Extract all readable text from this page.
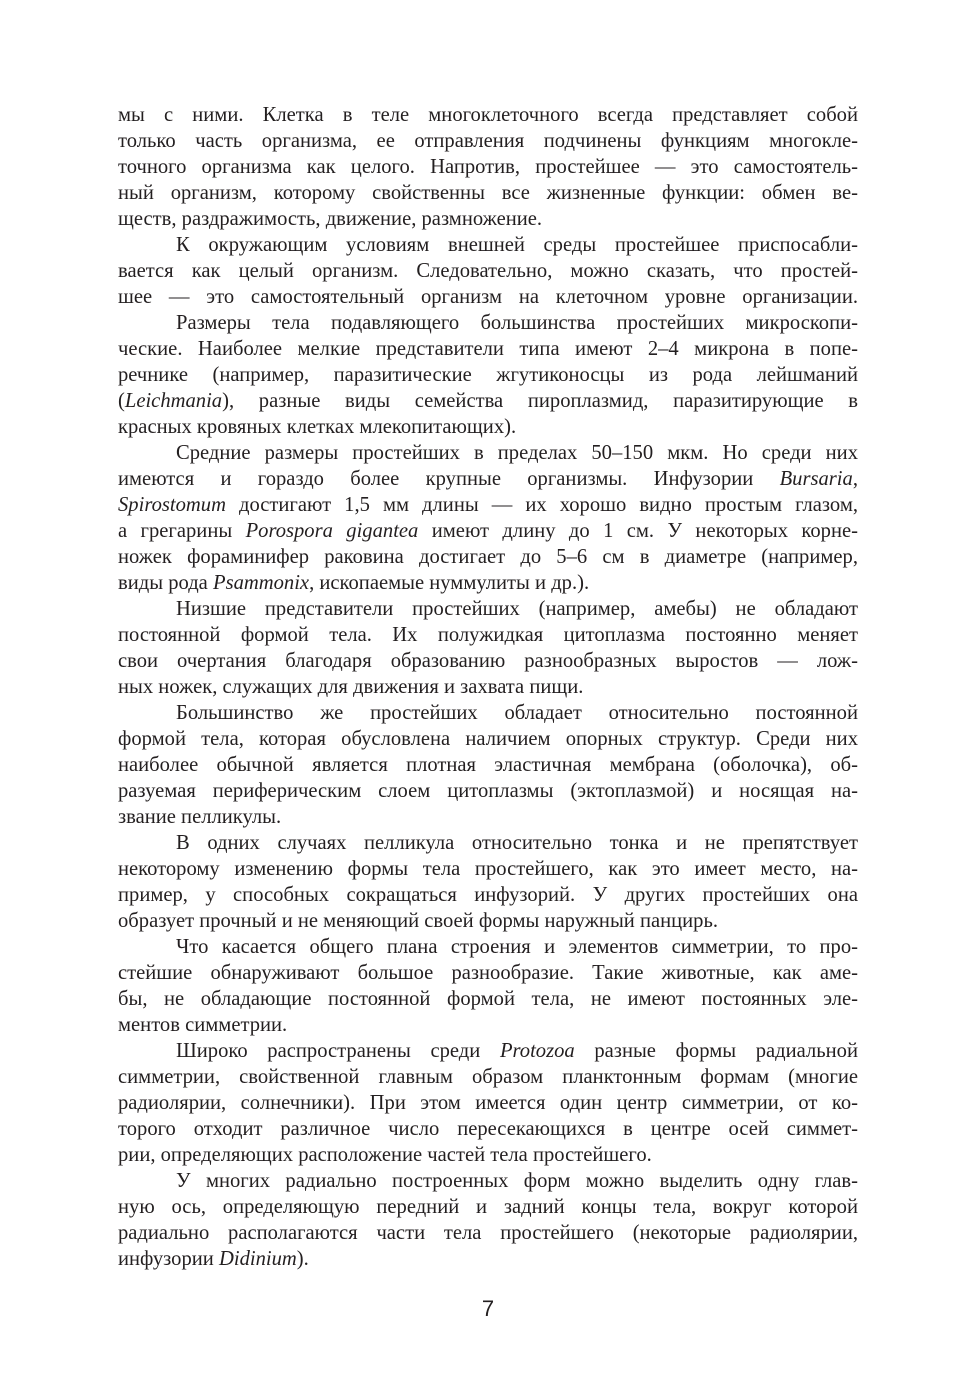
мы с ними. Клетка в теле многоклеточного всегда представляет собой
только часть организма, ее отправления подчинены функциям многокле-
точного организма как целого. Напротив, простейшее — это самостоятель-
ный организм, которому свойственны все жизненные функции: обмен ве-
ществ, раздражимость, движение, размножение.
К окружающим условиям внешней среды простейшее приспосабли-
вается как целый организм. Следовательно, можно сказать, что простей-
шее — это самостоятельный организм на клеточном уровне организации.
Размеры тела подавляющего большинства простейших микроскопи-
ческие. Наиболее мелкие представители типа имеют 2–4 микрона в попе-
речнике (например, паразитические жгутиконосцы из рода лейшманий
(Leichmania), разные виды семейства пироплазмид, паразитирующие в
красных кровяных клетках млекопитающих).
Средние размеры простейших в пределах 50–150 мкм. Но среди них
имеются и гораздо более крупные организмы. Инфузории Bursaria,
Spirostomum достигают 1,5 мм длины — их хорошо видно простым глазом,
а грегарины Porospora gigantea имеют длину до 1 см. У некоторых корне-
ножек фораминифер раковина достигает до 5–6 см в диаметре (например,
виды рода Psammonix, ископаемые нуммулиты и др.).
Низшие представители простейших (например, амебы) не обладают
постоянной формой тела. Их полужидкая цитоплазма постоянно меняет
свои очертания благодаря образованию разнообразных выростов — лож-
ных ножек, служащих для движения и захвата пищи.
Большинство же простейших обладает относительно постоянной
формой тела, которая обусловлена наличием опорных структур. Среди них
наиболее обычной является плотная эластичная мембрана (оболочка), об-
разуемая периферическим слоем цитоплазмы (эктоплазмой) и носящая на-
звание пелликулы.
В одних случаях пелликула относительно тонка и не препятствует
некоторому изменению формы тела простейшего, как это имеет место, на-
пример, у способных сокращаться инфузорий. У других простейших она
образует прочный и не меняющий своей формы наружный панцирь.
Что касается общего плана строения и элементов симметрии, то про-
стейшие обнаруживают большое разнообразие. Такие животные, как аме-
бы, не обладающие постоянной формой тела, не имеют постоянных эле-
ментов симметрии.
Широко распространены среди Protozoa разные формы радиальной
симметрии, свойственной главным образом планктонным формам (многие
радиолярии, солнечники). При этом имеется один центр симметрии, от ко-
торого отходит различное число пересекающихся в центре осей симмет-
рии, определяющих расположение частей тела простейшего.
У многих радиально построенных форм можно выделить одну глав-
ную ось, определяющую передний и задний концы тела, вокруг которой
радиально располагаются части тела простейшего (некоторые радиолярии,
инфузории Didinium).
7
